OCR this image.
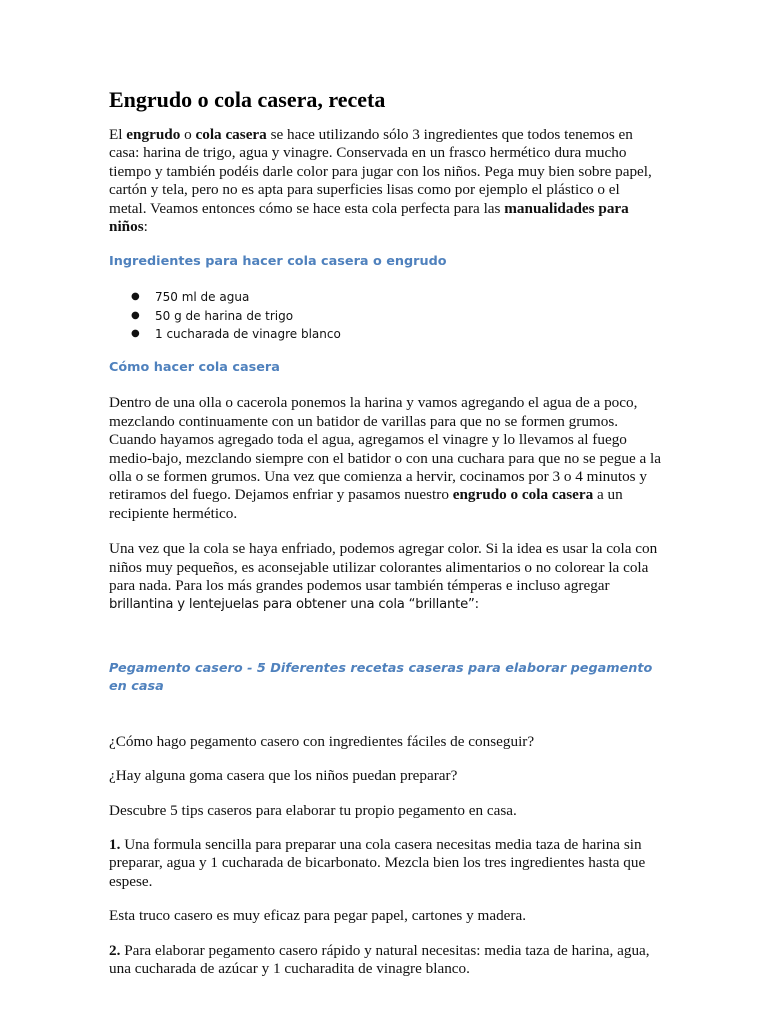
Engrudo o cola casera, receta

El engrudo o cola casera se hace utilizando sólo 3 ingredientes que todos tenemos en casa: harina de trigo, agua y vinagre. Conservada en un frasco hermético dura mucho tiempo y también podéis darle color para jugar con los niños. Pega muy bien sobre papel, cartón y tela, pero no es apta para superficies lisas como por ejemplo el plástico o el metal. Veamos entonces cómo se hace esta cola perfecta para las manualidades para niños:

Ingredientes para hacer cola casera o engrudo
● 750 ml de agua
● 50 g de harina de trigo
● 1 cucharada de vinagre blanco
Cómo hacer cola casera

Dentro de una olla o cacerola ponemos la harina y vamos agregando el agua de a poco, mezclando continuamente con un batidor de varillas para que no se formen grumos. Cuando hayamos agregado toda el agua, agregamos el vinagre y lo llevamos al fuego medio-bajo, mezclando siempre con el batidor o con una cuchara para que no se pegue a la olla o se formen grumos. Una vez que comienza a hervir, cocinamos por 3 o 4 minutos y retiramos del fuego. Dejamos enfriar y pasamos nuestro engrudo o cola casera a un recipiente hermético.

Una vez que la cola se haya enfriado, podemos agregar color. Si la idea es usar la cola con niños muy pequeños, es aconsejable utilizar colorantes alimentarios o no colorear la cola para nada. Para los más grandes podemos usar también témperas e incluso agregar
brillantina y lentejuelas para obtener una cola “brillante”:

Pegamento casero - 5 Diferentes recetas caseras para elaborar pegamento en casa

¿Cómo hago pegamento casero con ingredientes fáciles de conseguir?

¿Hay alguna goma casera que los niños puedan preparar?

Descubre 5 tips caseros para elaborar tu propio pegamento en casa.

1. Una formula sencilla para preparar una cola casera necesitas media taza de harina sin preparar, agua y 1 cucharada de bicarbonato. Mezcla bien los tres ingredientes hasta que espese.

Esta truco casero es muy eficaz para pegar papel, cartones y madera.

2. Para elaborar pegamento casero rápido y natural necesitas: media taza de harina, agua, una cucharada de azúcar y 1 cucharadita de vinagre blanco.
